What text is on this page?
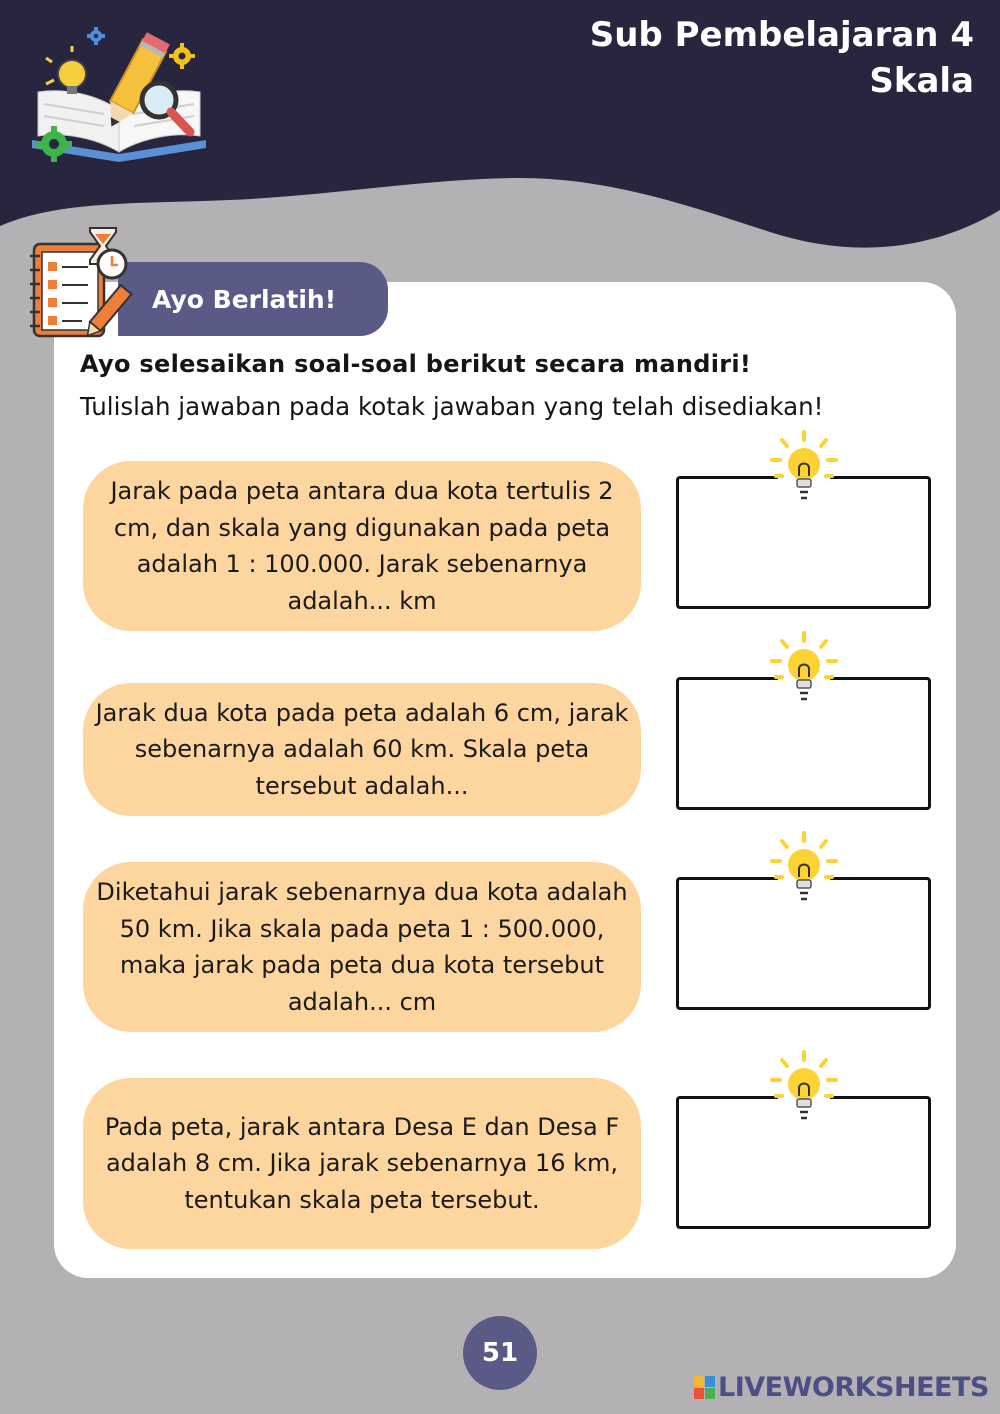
Sub Pembelajaran 4
Skala
Ayo Berlatih!
Ayo selesaikan soal-soal berikut secara mandiri!
Tulislah jawaban pada kotak jawaban yang telah disediakan!
Jarak pada peta antara dua kota tertulis 2 cm, dan skala yang digunakan pada peta adalah 1 : 100.000. Jarak sebenarnya adalah... km
Jarak dua kota pada peta adalah 6 cm, jarak sebenarnya adalah 60 km. Skala peta tersebut adalah...
Diketahui jarak sebenarnya dua kota adalah 50 km. Jika skala pada peta 1 : 500.000, maka jarak pada peta dua kota tersebut adalah... cm
Pada peta, jarak antara Desa E dan Desa F adalah 8 cm. Jika jarak sebenarnya 16 km, tentukan skala peta tersebut.
51
LIVEWORKSHEETS
